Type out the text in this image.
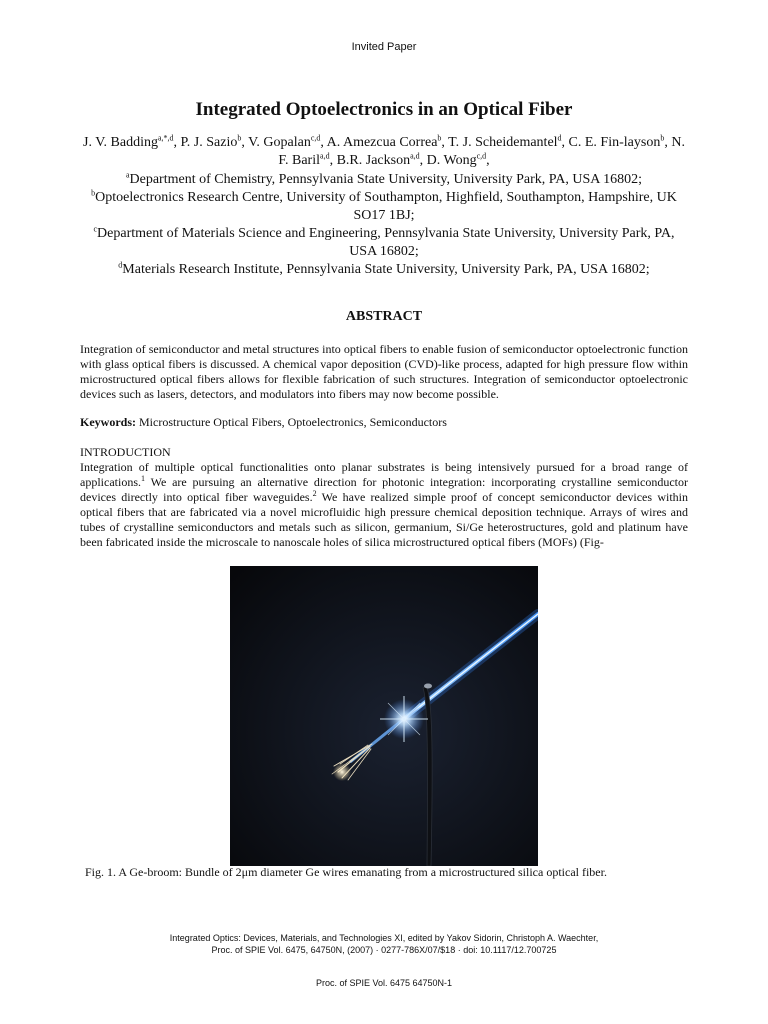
Invited Paper
Integrated Optoelectronics in an Optical Fiber
J. V. Badding$^{a,*,d}$, P. J. Sazio$^b$, V. Gopalan$^{c,d}$, A. Amezcua Correa$^b$, T. J. Scheidemantel$^d$, C. E. Fin-layson$^b$, N. F. Baril$^{a,d}$, B.R. Jackson$^{a,d}$, D. Wong$^{c,d}$,
$^a$Department of Chemistry, Pennsylvania State University, University Park, PA, USA 16802;
$^b$Optoelectronics Research Centre, University of Southampton, Highfield, Southampton, Hampshire, UK SO17 1BJ;
$^c$Department of Materials Science and Engineering, Pennsylvania State University, University Park, PA, USA 16802;
$^d$Materials Research Institute, Pennsylvania State University, University Park, PA, USA 16802;
ABSTRACT
Integration of semiconductor and metal structures into optical fibers to enable fusion of semiconductor optoelectronic function with glass optical fibers is discussed. A chemical vapor deposition (CVD)-like process, adapted for high pressure flow within microstructured optical fibers allows for flexible fabrication of such structures. Integration of semiconductor optoelectronic devices such as lasers, detectors, and modulators into fibers may now become possible.
Keywords: Microstructure Optical Fibers, Optoelectronics, Semiconductors
INTRODUCTION
Integration of multiple optical functionalities onto planar substrates is being intensively pursued for a broad range of applications.$^1$ We are pursuing an alternative direction for photonic integration: incorporating crystalline semiconductor devices directly into optical fiber waveguides.$^2$ We have realized simple proof of concept semiconductor devices within optical fibers that are fabricated via a novel microfluidic high pressure chemical deposition technique. Arrays of wires and tubes of crystalline semiconductors and metals such as silicon, germanium, Si/Ge heterostructures, gold and platinum have been fabricated inside the microscale to nanoscale holes of silica microstructured optical fibers (MOFs) (Fig-
Fig. 1. A Ge-broom: Bundle of 2μm diameter Ge wires emanating from a microstructured silica optical fiber.
Integrated Optics: Devices, Materials, and Technologies XI, edited by Yakov Sidorin, Christoph A. Waechter,
Proc. of SPIE Vol. 6475, 64750N, (2007) · 0277-786X/07/$18 · doi: 10.1117/12.700725
Proc. of SPIE Vol. 6475 64750N-1
